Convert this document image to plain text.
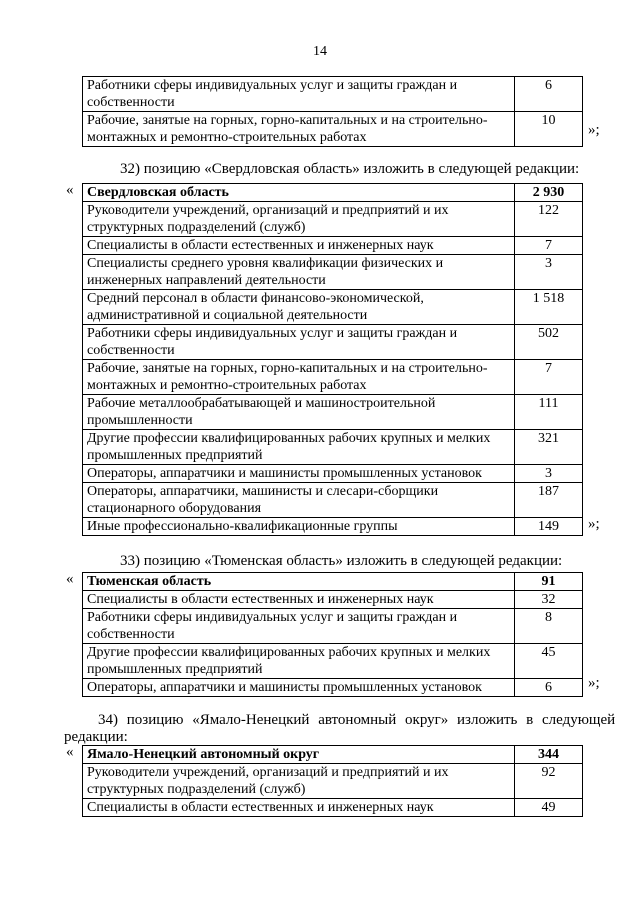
14
Работники сферы индивидуальных услуг и защиты граждан и собственности	6
Рабочие, занятые на горных, горно-капитальных и на строительно-монтажных и ремонтно-строительных работах	10
»;
32) позицию «Свердловская область» изложить в следующей редакции:
« Свердловская область	2 930
Руководители учреждений, организаций и предприятий и их структурных подразделений (служб)	122
Специалисты в области естественных и инженерных наук	7
Специалисты среднего уровня квалификации физических и инженерных направлений деятельности	3
Средний персонал в области финансово-экономической, административной и социальной деятельности	1 518
Работники сферы индивидуальных услуг и защиты граждан и собственности	502
Рабочие, занятые на горных, горно-капитальных и на строительно-монтажных и ремонтно-строительных работах	7
Рабочие металлообрабатывающей и машиностроительной промышленности	111
Другие профессии квалифицированных рабочих крупных и мелких промышленных предприятий	321
Операторы, аппаратчики и машинисты промышленных установок	3
Операторы, аппаратчики, машинисты и слесари-сборщики стационарного оборудования	187
Иные профессионально-квалификационные группы	149 »;
33) позицию «Тюменская область» изложить в следующей редакции:
« Тюменская область	91
Специалисты в области естественных и инженерных наук	32
Работники сферы индивидуальных услуг и защиты граждан и собственности	8
Другие профессии квалифицированных рабочих крупных и мелких промышленных предприятий	45
Операторы, аппаратчики и машинисты промышленных установок	6 »;
34) позицию «Ямало-Ненецкий автономный округ» изложить в следующей
редакции:
« Ямало-Ненецкий автономный округ	344
Руководители учреждений, организаций и предприятий и их структурных подразделений (служб)	92
Специалисты в области естественных и инженерных наук	49
